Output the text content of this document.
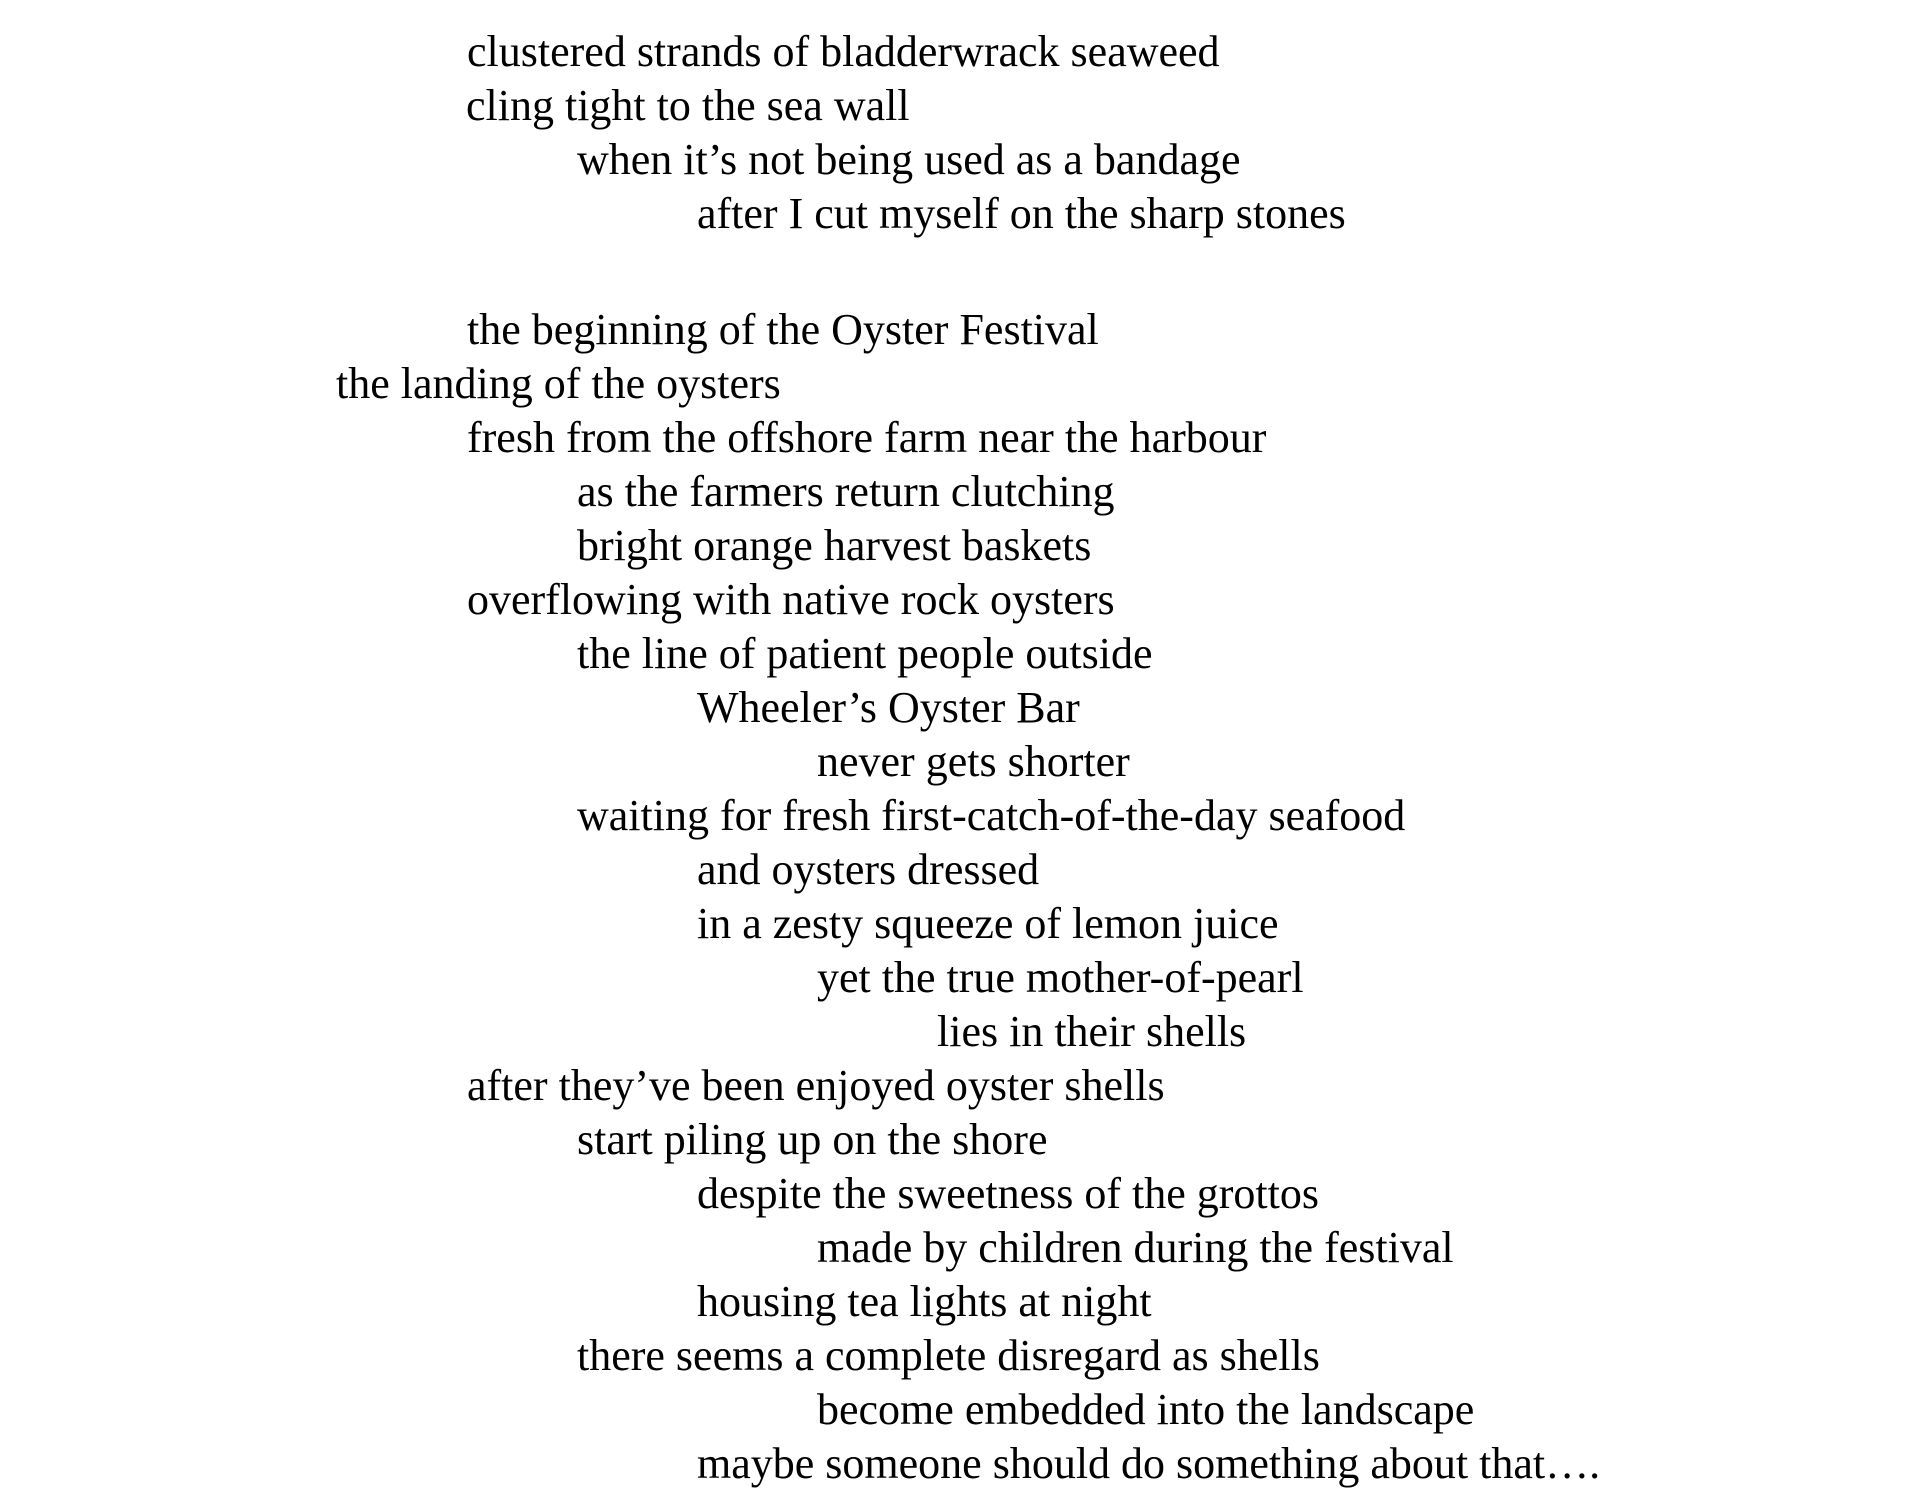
clustered strands of bladderwrack seaweed
cling tight to the sea wall
when it’s not being used as a bandage
after I cut myself on the sharp stones
the beginning of the Oyster Festival
the landing of the oysters
fresh from the offshore farm near the harbour
as the farmers return clutching
bright orange harvest baskets
overflowing with native rock oysters
the line of patient people outside
Wheeler’s Oyster Bar
never gets shorter
waiting for fresh first-catch-of-the-day seafood
and oysters dressed
in a zesty squeeze of lemon juice
yet the true mother-of-pearl
lies in their shells
after they’ve been enjoyed oyster shells
start piling up on the shore
despite the sweetness of the grottos
made by children during the festival
housing tea lights at night
there seems a complete disregard as shells
become embedded into the landscape
maybe someone should do something about that….
